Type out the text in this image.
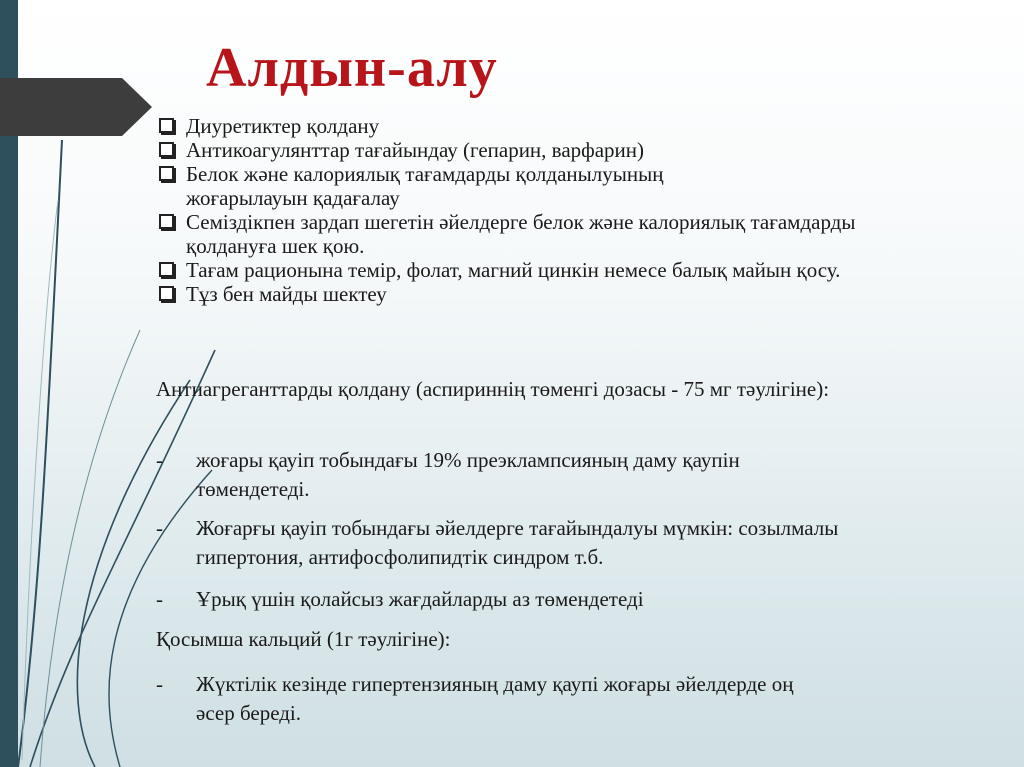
Алдын-алу
Диуретиктер қолдану
Антикоагулянттар тағайындау (гепарин, варфарин)
Белок және калориялық тағамдарды қолданылуының жоғарылауын қадағалау
Семіздікпен зардап шегетін әйелдерге белок және калориялық тағамдарды қолдануға шек қою.
Тағам рационына темір, фолат, магний цинкін немесе балық майын қосу.
Тұз бен майды шектеу

Антиагреганттарды қолдану (аспириннің төменгі дозасы - 75 мг тәулігіне):

-	жоғары қауіп тобындағы 19% преэклампсияның даму қаупін төмендетеді.
-	Жоғарғы қауіп тобындағы әйелдерге тағайындалуы мүмкін: созылмалы гипертония, антифосфолипидтік синдром т.б.
-	Ұрық үшін қолайсыз жағдайларды аз төмендетеді

Қосымша кальций (1г тәулігіне):

-	Жүктілік кезінде гипертензияның даму қаупі жоғары әйелдерде оң әсер береді.
